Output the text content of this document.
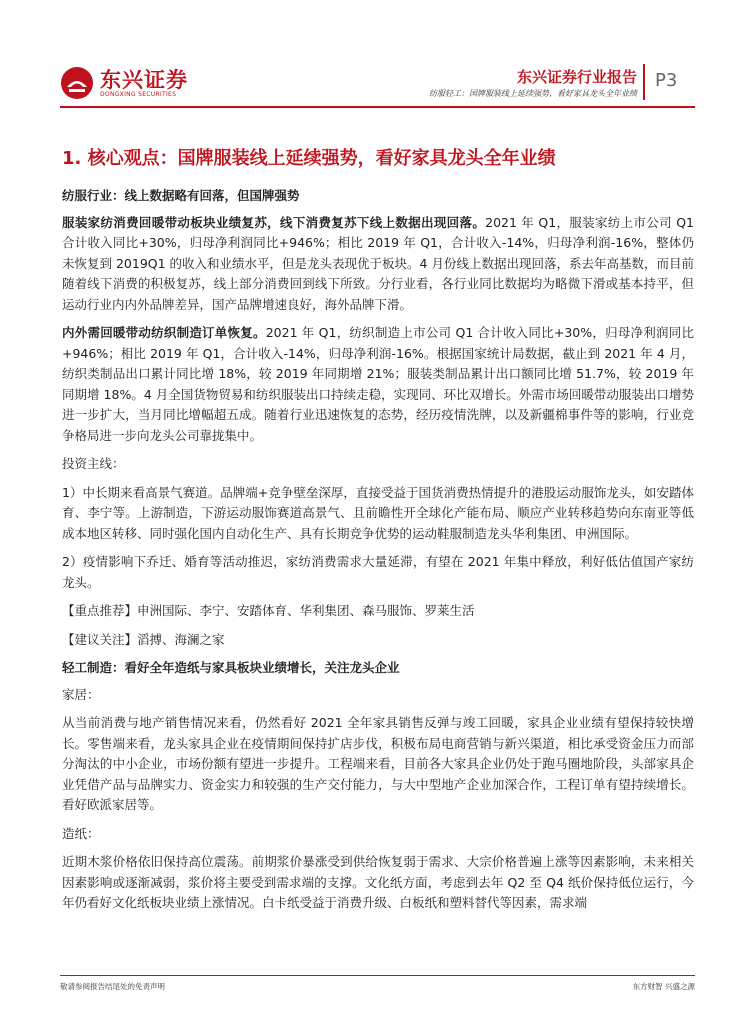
东兴证券
DONGXING SECURITIES
东兴证券行业报告
纺服轻工：国牌服装线上延续强势，看好家具龙头全年业绩
P3
1. 核心观点：国牌服装线上延续强势，看好家具龙头全年业绩
纺服行业：线上数据略有回落，但国牌强势
服装家纺消费回暖带动板块业绩复苏，线下消费复苏下线上数据出现回落。2021 年 Q1，服装家纺上市公司 Q1 合计收入同比+30%，归母净利润同比+946%；相比 2019 年 Q1，合计收入-14%，归母净利润-16%，整体仍未恢复到 2019Q1 的收入和业绩水平，但是龙头表现优于板块。4 月份线上数据出现回落，系去年高基数，而目前随着线下消费的积极复苏，线上部分消费回到线下所致。分行业看，各行业同比数据均为略微下滑或基本持平，但运动行业内内外品牌差异，国产品牌增速良好，海外品牌下滑。
内外需回暖带动纺织制造订单恢复。2021 年 Q1，纺织制造上市公司 Q1 合计收入同比+30%，归母净利润同比+946%；相比 2019 年 Q1，合计收入-14%，归母净利润-16%。根据国家统计局数据，截止到 2021 年 4 月，纺织类制品出口累计同比增 18%，较 2019 年同期增 21%；服装类制品累计出口额同比增 51.7%，较 2019 年同期增 18%。4 月全国货物贸易和纺织服装出口持续走稳，实现同、环比双增长。外需市场回暖带动服装出口增势进一步扩大，当月同比增幅超五成。随着行业迅速恢复的态势，经历疫情洗牌，以及新疆棉事件等的影响，行业竞争格局进一步向龙头公司靠拢集中。
投资主线：
1）中长期来看高景气赛道。品牌端+竞争壁垒深厚，直接受益于国货消费热情提升的港股运动服饰龙头，如安踏体育、李宁等。上游制造，下游运动服饰赛道高景气、且前瞻性开全球化产能布局、顺应产业转移趋势向东南亚等低成本地区转移、同时强化国内自动化生产、具有长期竞争优势的运动鞋服制造龙头华利集团、申洲国际。
2）疫情影响下乔迁、婚育等活动推迟，家纺消费需求大量延滞，有望在 2021 年集中释放，利好低估值国产家纺龙头。
【重点推荐】申洲国际、李宁、安踏体育、华利集团、森马服饰、罗莱生活
【建议关注】滔搏、海澜之家
轻工制造：看好全年造纸与家具板块业绩增长，关注龙头企业
家居：
从当前消费与地产销售情况来看，仍然看好 2021 全年家具销售反弹与竣工回暖，家具企业业绩有望保持较快增长。零售端来看，龙头家具企业在疫情期间保持扩店步伐，积极布局电商营销与新兴渠道，相比承受资金压力而部分淘汰的中小企业，市场份额有望进一步提升。工程端来看，目前各大家具企业仍处于跑马圈地阶段，头部家具企业凭借产品与品牌实力、资金实力和较强的生产交付能力，与大中型地产企业加深合作，工程订单有望持续增长。看好欧派家居等。
造纸：
近期木浆价格依旧保持高位震荡。前期浆价暴涨受到供给恢复弱于需求、大宗价格普遍上涨等因素影响，未来相关因素影响或逐渐减弱，浆价将主要受到需求端的支撑。文化纸方面，考虑到去年 Q2 至 Q4 纸价保持低位运行，今年仍看好文化纸板块业绩上涨情况。白卡纸受益于消费升级、白板纸和塑料替代等因素，需求端
敬请参阅报告结尾处的免责声明	东方财智 兴盛之源
